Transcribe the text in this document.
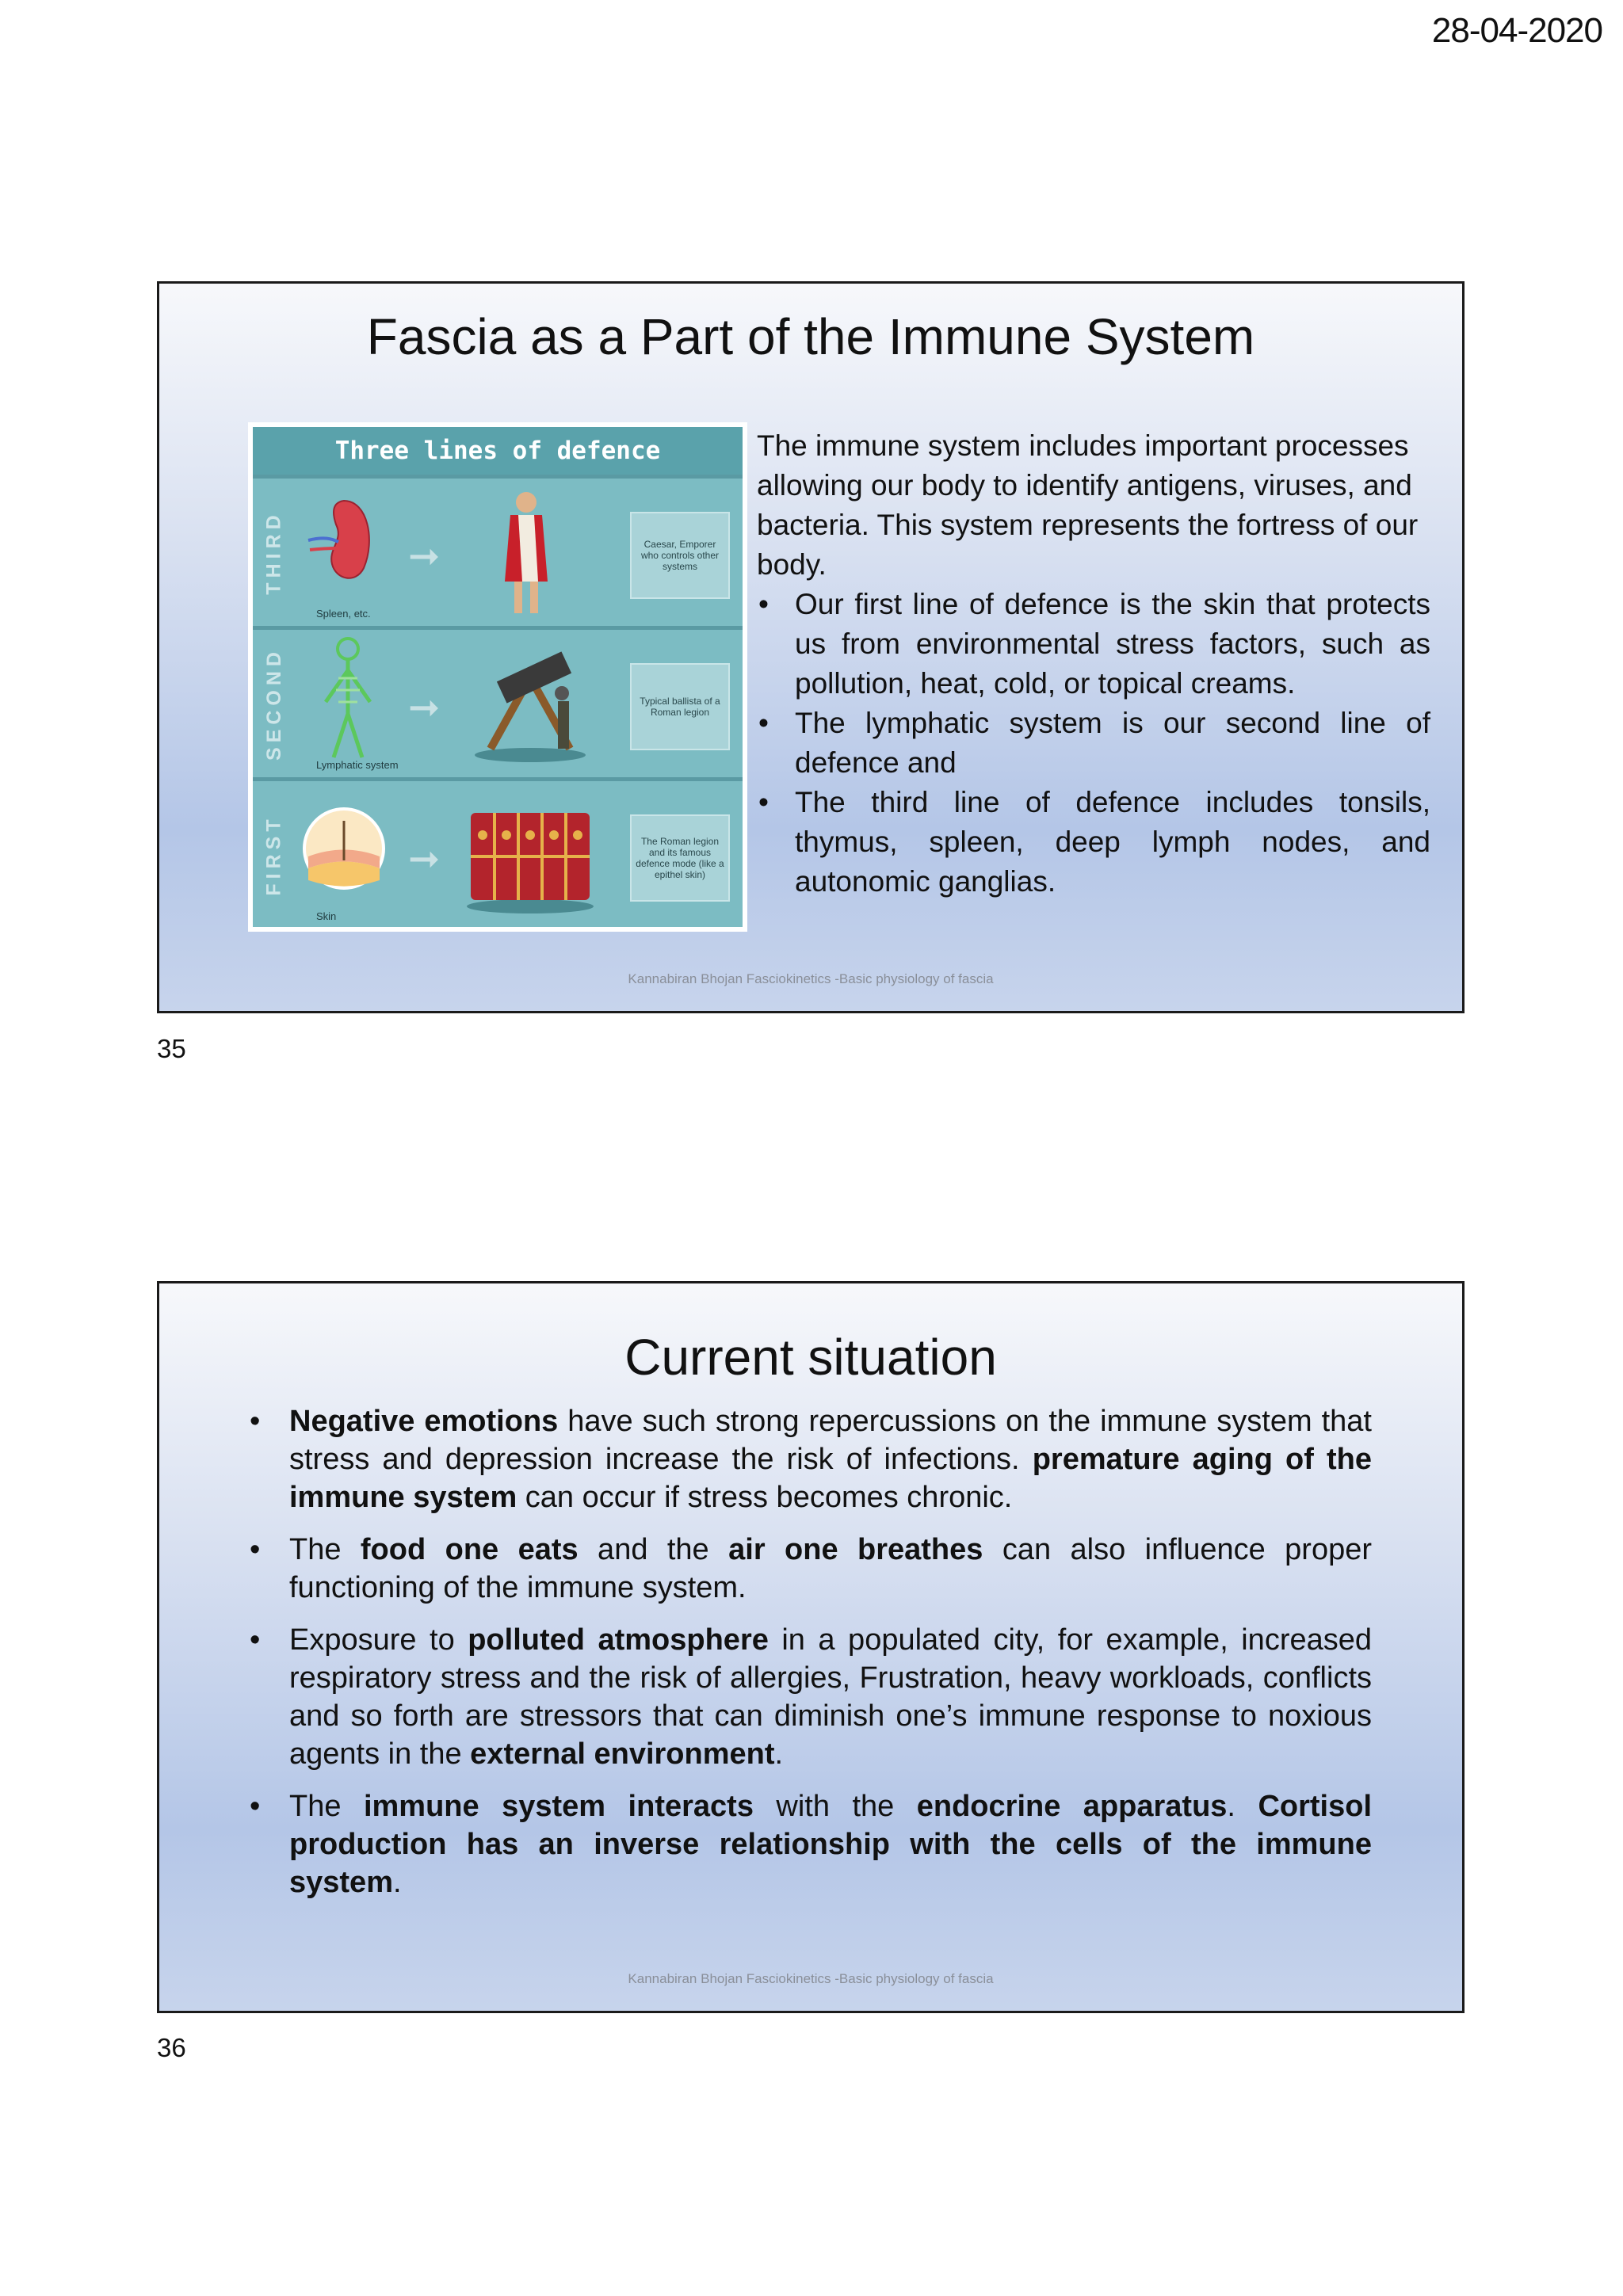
28-04-2020
Fascia as a Part of the Immune System
Three lines of defence
THIRD
Spleen, etc.
➞	Caesar, Emporer who controls other systems
SECOND
Lymphatic system
➞	Typical ballista of a Roman legion
FIRST
Skin
➞	The Roman legion and its famous defence mode (like a epithel skin)

The immune system includes important processes allowing our body to identify antigens, viruses, and bacteria. This system represents the fortress of our body.

• Our first line of defence is the skin that protects us from environmental stress factors, such as pollution, heat, cold, or topical creams.
• The lymphatic system is our second line of defence and
• The third line of defence includes tonsils, thymus, spleen, deep lymph nodes, and autonomic ganglias.
Kannabiran Bhojan Fasciokinetics -Basic physiology of fascia
35
Current situation
• Negative emotions have such strong repercussions on the immune system that stress and depression increase the risk of infections. premature aging of the immune system can occur if stress becomes chronic.
• The food one eats and the air one breathes can also influence proper functioning of the immune system.
• Exposure to polluted atmosphere in a populated city, for example, increased respiratory stress and the risk of allergies, Frustration, heavy workloads, conflicts and so forth are stressors that can diminish one’s immune response to noxious agents in the external environment.
• The immune system interacts with the endocrine apparatus. Cortisol production has an inverse relationship with the cells of the immune system.
Kannabiran Bhojan Fasciokinetics -Basic physiology of fascia
36
